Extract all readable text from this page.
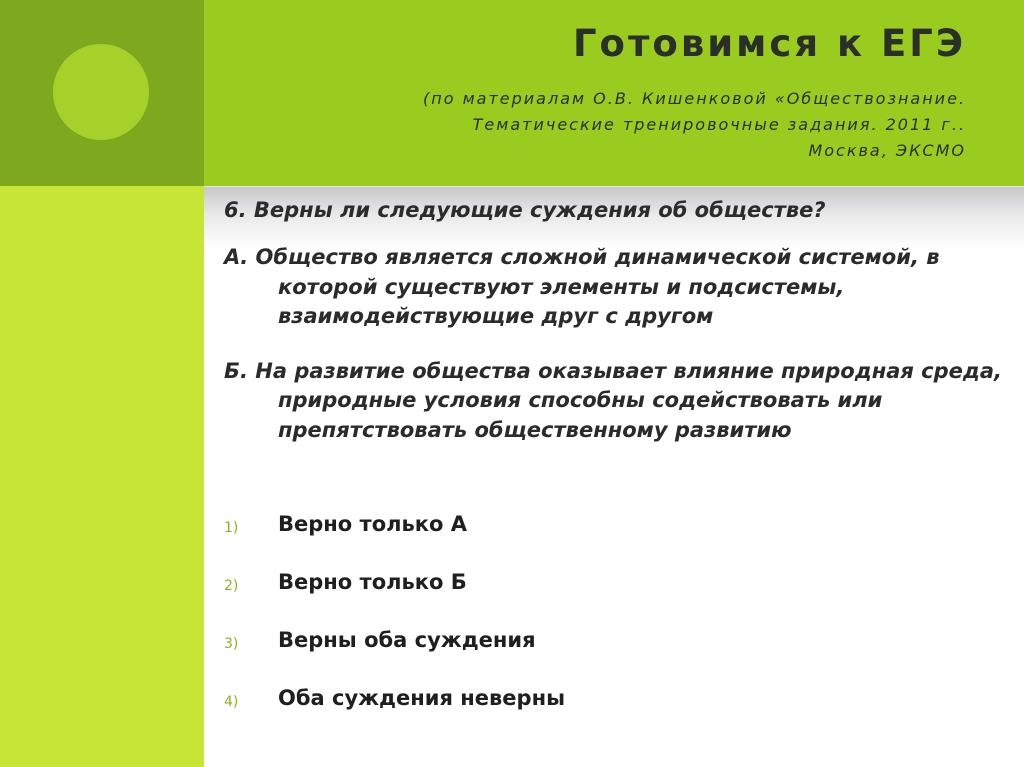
Готовимся к ЕГЭ
(по материалам О.В. Кишенковой «Обществознание.
Тематические тренировочные задания. 2011 г..
Москва, ЭКСМО

6. Верны ли следующие суждения об обществе?

А. Общество является сложной динамической системой, в которой существуют элементы и подсистемы, взаимодействующие друг с другом

Б. На развитие общества оказывает влияние природная среда, природные условия способны содействовать или препятствовать общественному развитию

1)	Верно только А
2)	Верно только Б
3)	Верны оба суждения
4)	Оба суждения неверны
